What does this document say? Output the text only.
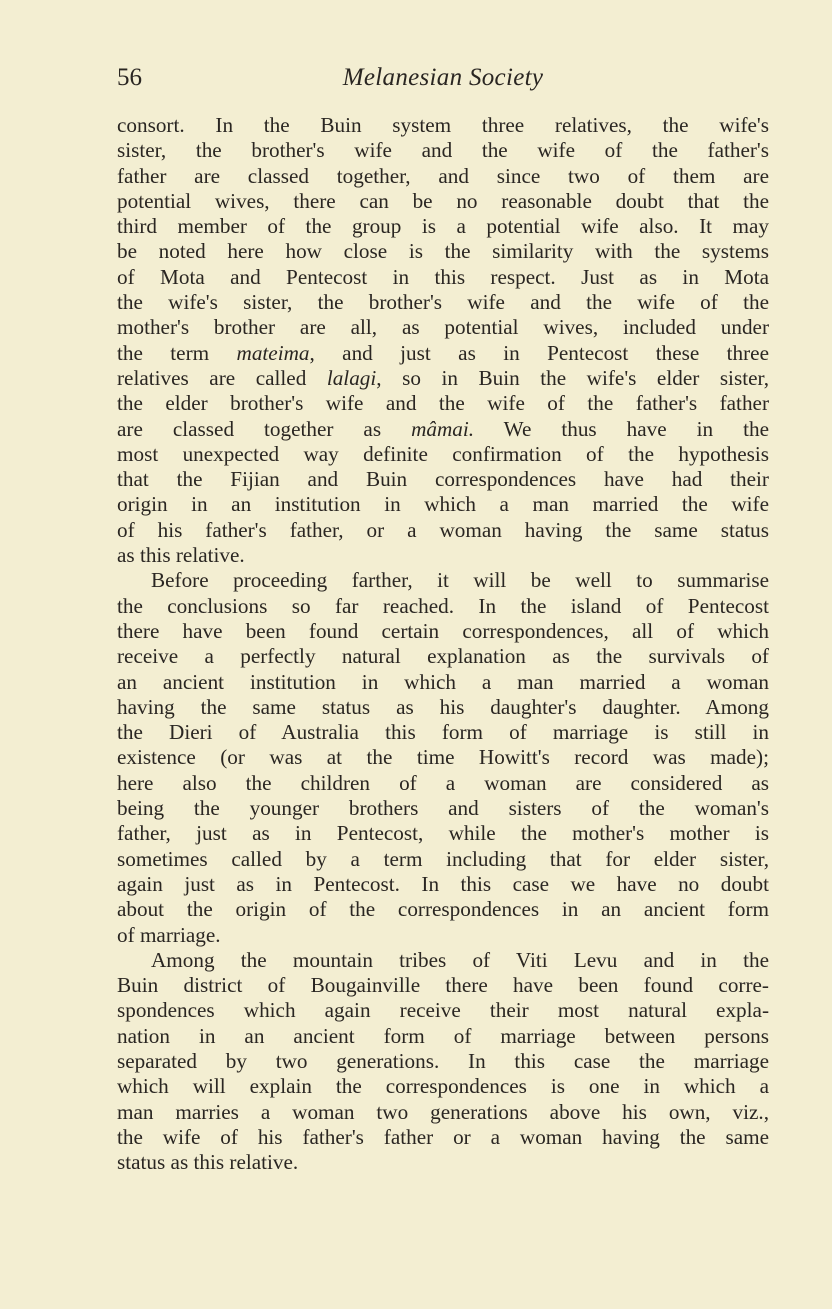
56	Melanesian Society
consort. In the Buin system three relatives, the wife's
sister, the brother's wife and the wife of the father's
father are classed together, and since two of them are
potential wives, there can be no reasonable doubt that the
third member of the group is a potential wife also. It may
be noted here how close is the similarity with the systems
of Mota and Pentecost in this respect. Just as in Mota
the wife's sister, the brother's wife and the wife of the
mother's brother are all, as potential wives, included under
the term mateima, and just as in Pentecost these three
relatives are called lalagi, so in Buin the wife's elder sister,
the elder brother's wife and the wife of the father's father
are classed together as mâmai. We thus have in the
most unexpected way definite confirmation of the hypothesis
that the Fijian and Buin correspondences have had their
origin in an institution in which a man married the wife
of his father's father, or a woman having the same status
as this relative.
Before proceeding farther, it will be well to summarise
the conclusions so far reached. In the island of Pentecost
there have been found certain correspondences, all of which
receive a perfectly natural explanation as the survivals of
an ancient institution in which a man married a woman
having the same status as his daughter's daughter. Among
the Dieri of Australia this form of marriage is still in
existence (or was at the time Howitt's record was made);
here also the children of a woman are considered as
being the younger brothers and sisters of the woman's
father, just as in Pentecost, while the mother's mother is
sometimes called by a term including that for elder sister,
again just as in Pentecost. In this case we have no doubt
about the origin of the correspondences in an ancient form
of marriage.
Among the mountain tribes of Viti Levu and in the
Buin district of Bougainville there have been found corre-
spondences which again receive their most natural expla-
nation in an ancient form of marriage between persons
separated by two generations. In this case the marriage
which will explain the correspondences is one in which a
man marries a woman two generations above his own, viz.,
the wife of his father's father or a woman having the same
status as this relative.
